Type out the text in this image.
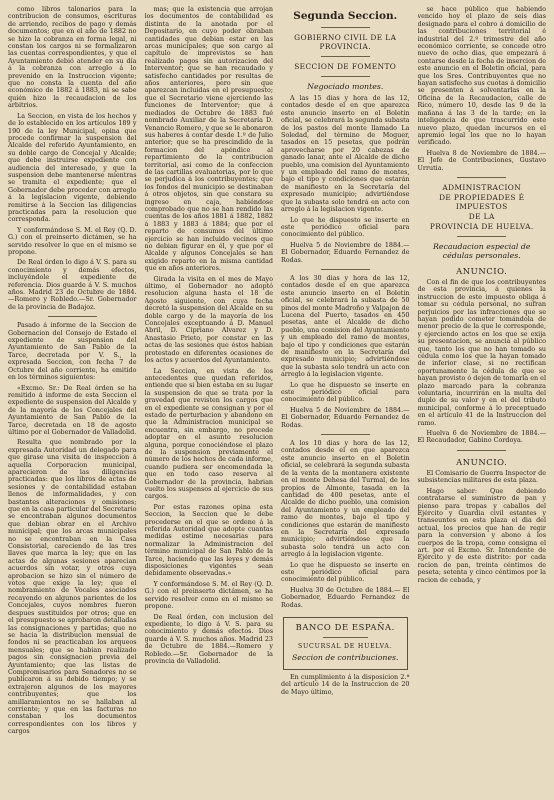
como libros talonarios para la contribucion de consumos, escrituras de arriendo, recibos de pago y demás documentos; que en el año de 1882 no se hizo la cobranza en forma legal, ni constan los cargos ni se formalizaron las cuentas correspondientes, y que el Ayuntamiento debió atender en su día á la cobranza con arreglo á lo prevenido en la Instruccion vigente; que no consta la cuenta del año económico de 1882 á 1883, ni se sabe quién hizo la recaudacion de los arbitrios.

La Seccion, en vista de los hechos y de lo establecido en los artículos 189 y 190 de la ley Municipal, opina que procede confirmar la suspension del Alcalde del referido Ayuntamiento, en su doble cargo de Concejal y Alcalde; que debe instruirse expediente con audiencia del interesado, y que la suspension debe mantenerse mientras se tramita el expediente; que el Gobernador debe proceder con arreglo á la legislacion vigente, debiendo remitirse á la Seccion las diligencias practicadas para la resolucion que corresponda.

Y conformándose S. M. el Rey (Q. D. G.) con el preinserto dictámen, se ha servido resolver lo que en el mismo se propone.

De Real órden lo digo á V. S. para su conocimiento y demás efectos, incluyéndole el expediente de referencia. Dios guarde á V. S. muchos años. Madrid 23 de Octubre de 1884. —Romero y Robledo.—Sr. Gobernador de la provincia de Badajoz.

Pasado á informe de la Seccion de Gobernacion del Consejo de Estado el expediente de suspension del Ayuntamiento de San Pablo de la Tarce, decretada por V. S., la expresada Seccion, con fecha 7 de Octubre del año corriente, ha emitido en los términos siguientes:

«Excmo. Sr.: De Real órden se ha remitido á informe de esta Seccion el expediente de suspension del Alcalde y de la mayoría de los Concejales del Ayuntamiento de San Pablo de la Tarce, decretada en 18 de agosto último por el Gobernador de Valladolid.

Resulta que nombrado por la expresada Autoridad un delegado para que girase una visita de inspeccion á aquella Corporacion municipal, aparecieron de las diligencias practicadas: que los libros de actas de sesiones y de contabilidad estaban llenos de informalidades, y con bastantes alteraciones y omisiones; que en la casa particular del Secretario se encontraban algunos documentos que debian obrar en el Archivo municipal; que los arcas municipales no se encontraban en la Casa Consistorial, careciendo de las tres llaves que marca la ley; que en las actas de algunas sesiones aparecian acuerdos sin votar, y otros cuya aprobacion se hizo sin el número de votos que exige la ley; que el nombramiento de Vocales asociados recayendo en algunos parientes de los Concejales, cuyos nombres fueron despues sustituidos por otros; que en el presupuesto se aprobaron detalladas las consignaciones y partidas; que no se hacia la distribucion mensual de fondos ni se practicaban los arqueos mensuales; que se habian realizado pagos sin consignacion previa del Ayuntamiento; que las listas de Compromisarios para Senadores no se publicaron á su debido tiempo; y se extrajeron algunos de los mayores contribuyentes; que los amillaramientos no se hallaban al corriente; y que en las facturas no constaban los documentos correspondientes con los libros y cargos

mas; que la existencia que arrojan los documentos de contabilidad es distinta de la anotada por el Depositario, en cuyo poder obraban cantidades que debian estar en las arcas municipales; que son cargo al capítulo de imprevistos se han realizado pagos sin autorizacion del Interventor; que se han recaudado y satisfecho cantidades por resultas de años anteriores, pero sin que aparezcan incluidas en el presupuesto; que el Secretario viene ejerciendo las funciones de Interventor; que á mediados de Octubre de 1883 fué nombrado Auxiliar de la Secretaría D. Venancio Romero, y que se le abonaron sus haberes á contar desde 1.º de Julio anterior; que se ha prescindido de la formacion del apéndice al repartimiento de la contribucion territorial, así como de la confeccion de las cartillas evaluatorias, por lo que se perjudica á los contribuyentes; que los fondos del municipio se destinaban á otros objetos, sin que constara su ingreso en caja, habiéndose comprobado que no se han rendido las cuentas de los años 1881 á 1882, 1882 á 1883 y 1883 á 1884; que por el reparto de consumos del último ejercicio se han incluido vecinos que no debian figurar en él, y que por el Alcalde y algunos Concejales se han exigido reparto en la misma cantidad que en años anteriores.

Girada la visita en el mes de Mayo último, el Gobernador no adoptó resolucion alguna hasta el 18 de Agosto siguiente, con cuya fecha decretó la suspension del Alcalde en su doble cargo y de la mayoría de los Concejales exceptuando á D. Manuel Abril, D. Cipriano Alvarez y D. Anastasio Prieto, por constar en las actas de las sesiones que éstos habian protestado en diferentes ocasiones de los actos y acuerdos del Ayuntamiento.

La Seccion, en vista de los antecedentes que quedan referidos, entiende que si bien estaba en su lugar la suspension de que se trata por la gravedad que revisten los cargos que en el expediente se consignan y por el estado de perturbacion y abandono en que la Administracion municipal se encuentra, sin embargo, no procede adoptar en el asunto resolucion alguna, porque conociéndose el plazo de la suspension previamente el número de los hechos de cada informe, cuando pudiera ser encomendada la que en todo caso reserva al Gobernador de la provincia, habrian vuelto los suspensos al ejercicio de sus cargos.

Por estas razones opina esta Seccion, la Seccion que le debe procederse en el que se ordene á la referida Autoridad que adopte cuantas medidas estime necesarias para normalizar la Administracion del término municipal de San Pablo de la Tarce, haciendo que las leyes y demás disposiciones vigentes sean debidamente observadas.»

Y conformándose S. M. el Rey (Q. D. G.) con el preinserto dictámen, se ha servido resolver como en el mismo se propone.

De Real órden, con inclusion del expediente, lo digo á V. S. para su conocimiento y demás efectos. Dios guarde á V. S. muchos años. Madrid 23 de Octubre de 1884.—Romero y Robledo.—Sr. Gobernador de la provincia de Valladolid.

Segunda Seccion.
GOBIERNO CIVIL DE LA PROVINCIA.
SECCION DE FOMENTO
Negociado montes.

A las 15 dias y hora de las 12, contados desde el en que aparezca este anuncio inserto en el Boletin oficial, se celebrará la segunda subasta de los pastos del monte llamado La Soledad, del término de Moguer, tasados en 15 pesetas, que podrán aprovecharse por 20 cabezas de ganado lanar, ante el Alcalde de dicho pueblo, una comision del Ayuntamiento y un empleado del ramo de montes, bajo el tipo y condiciones que estarán de manifiesto en la Secretaría del expresado municipio; advirtiéndose que la subasta solo tendrá en acto con arreglo á la legislacion vigente.

Lo que he dispuesto se inserte en este periódico oficial para conocimiento del público.

Huelva 5 de Noviembre de 1884.— El Gobernador, Eduardo Fernandez de Rodas.

A los 30 dias y hora de las 12, contados desde el en que aparezca este anuncio inserto en el Boletin oficial, se celebrará la subasta de 50 pinos del monte Madroño y Valpajon de Lucena del Puerto, tasados en 450 pesetas, ante el Alcalde de dicho pueblo, una comision del Ayuntamiento y un empleado del ramo de montes, bajo el tipo y condiciones que estarán de manifiesto en la Secretaría del expresado municipio; advirtiéndose que la subasta solo tendrá un acto con arreglo á la legislacion vigente.

Lo que he dispuesto se inserte en este periódico oficial para conocimiento del público.

Huelva 5 de Noviembre de 1884.— El Gobernador, Eduardo Fernandez de Rodas.

A los 10 dias y hora de las 12, contados desde el en que aparezca este anuncio inserto en el Boletin oficial, se celebrará la segunda subasta de la venta de la montanera existente en el monte Dehesa del Turmal, de los propios de Almonte, tasada en la cantidad de 400 pesetas, ante el Alcalde de dicho pueblo, una comision del Ayuntamiento y un empleado del ramo de montes, bajo el tipo y condiciones que estarán de manifiesto en la Secretaría del expresado municipio; advirtiéndose que la subasta solo tendrá un acto con arreglo á la legislacion vigente.

Lo que he dispuesto se inserte en este periódico oficial para conocimiento del público.

Huelva 30 de Octubre de 1884.— El Gobernador, Eduardo Fernandez de Rodas.

BANCO DE ESPAÑA.
SUCURSAL DE HUELVA.
Seccion de contribuciones.

En cumplimiento á la disposicion 2.ª del artículo 14 de la Instruccion de 20 de Mayo último,

se hace público que habiendo vencido hoy el plazo de seis dias designado para el cobro á domicilio de las contribuciones territorial é industrial del 2.º trimestre del año económico corriente, se concede otro nuevo de ocho dias, que empezará á contarse desde la fecha de insercion de este anuncio en el Boletin oficial, para que los Sres. Contribuyentes que no hayan satisfecho sus cuotas á domicilio se presenten á solventarlas en la Oficina de la Recaudacion, calle de Rico, número 10, desde las 9 de la mañana á las 3 de la tarde; en la inteligencia de que trascurrido este nuevo plazo, quedan incursos en el apremio legal los que no lo hayan verificado.

Huelva 8 de Noviembre de 1884.—El Jefe de Contribuciones, Gustavo Urrutia.

ADMINISTRACION
DE PROPIEDADES É IMPUESTOS
DE LA
PROVINCIA DE HUELVA.
Recaudacion especial de cédulas personales.
ANUNCIO.

Con el fin de que los contribuyentes de esta provincia, á quienes la instruccion de este impuesto obliga á tomar su cédula personal, no sufran perjuicios por las infracciones que se hayan podido cometer tomándola de menor precio de la que le corresponde, y ejerciendo actos en los que se exija su presentacion, se anuncia al público que, tanto los que no han tomado su cédula como los que la hayan tomado de inferior clase, si no rectifican oportunamente la cédula de que se hayan provisto ó dejen de tomarla en el plazo marcado para la cobranza voluntaria, incurrirán en la multa del duplo de su valor y en el del tributo municipal, conforme á lo preceptuado en el artículo 41 de la Instruccion del ramo.

Huelva 6 de Noviembre de 1884.—El Recaudador, Gabino Cordoya.

ANUNCIO.

El Comisario de Guerra Inspector de subsistencias militares de esta plaza.

Hago saber: Que debiendo contratarse el suministro de pan y pienso para tropas y caballos del Ejército y Guardia civil estantes y transeuntes en esta plaza el dia del actual, los precios que han de regir para la conversion y abono á los cuerpos de la tropa, como consigna el art. por el Excmo. Sr. Intendente de Ejército y de este distrito: por cada racion de pan, treinta céntimos de peseta; setenta y cinco céntimos por la racion de cebada, y
